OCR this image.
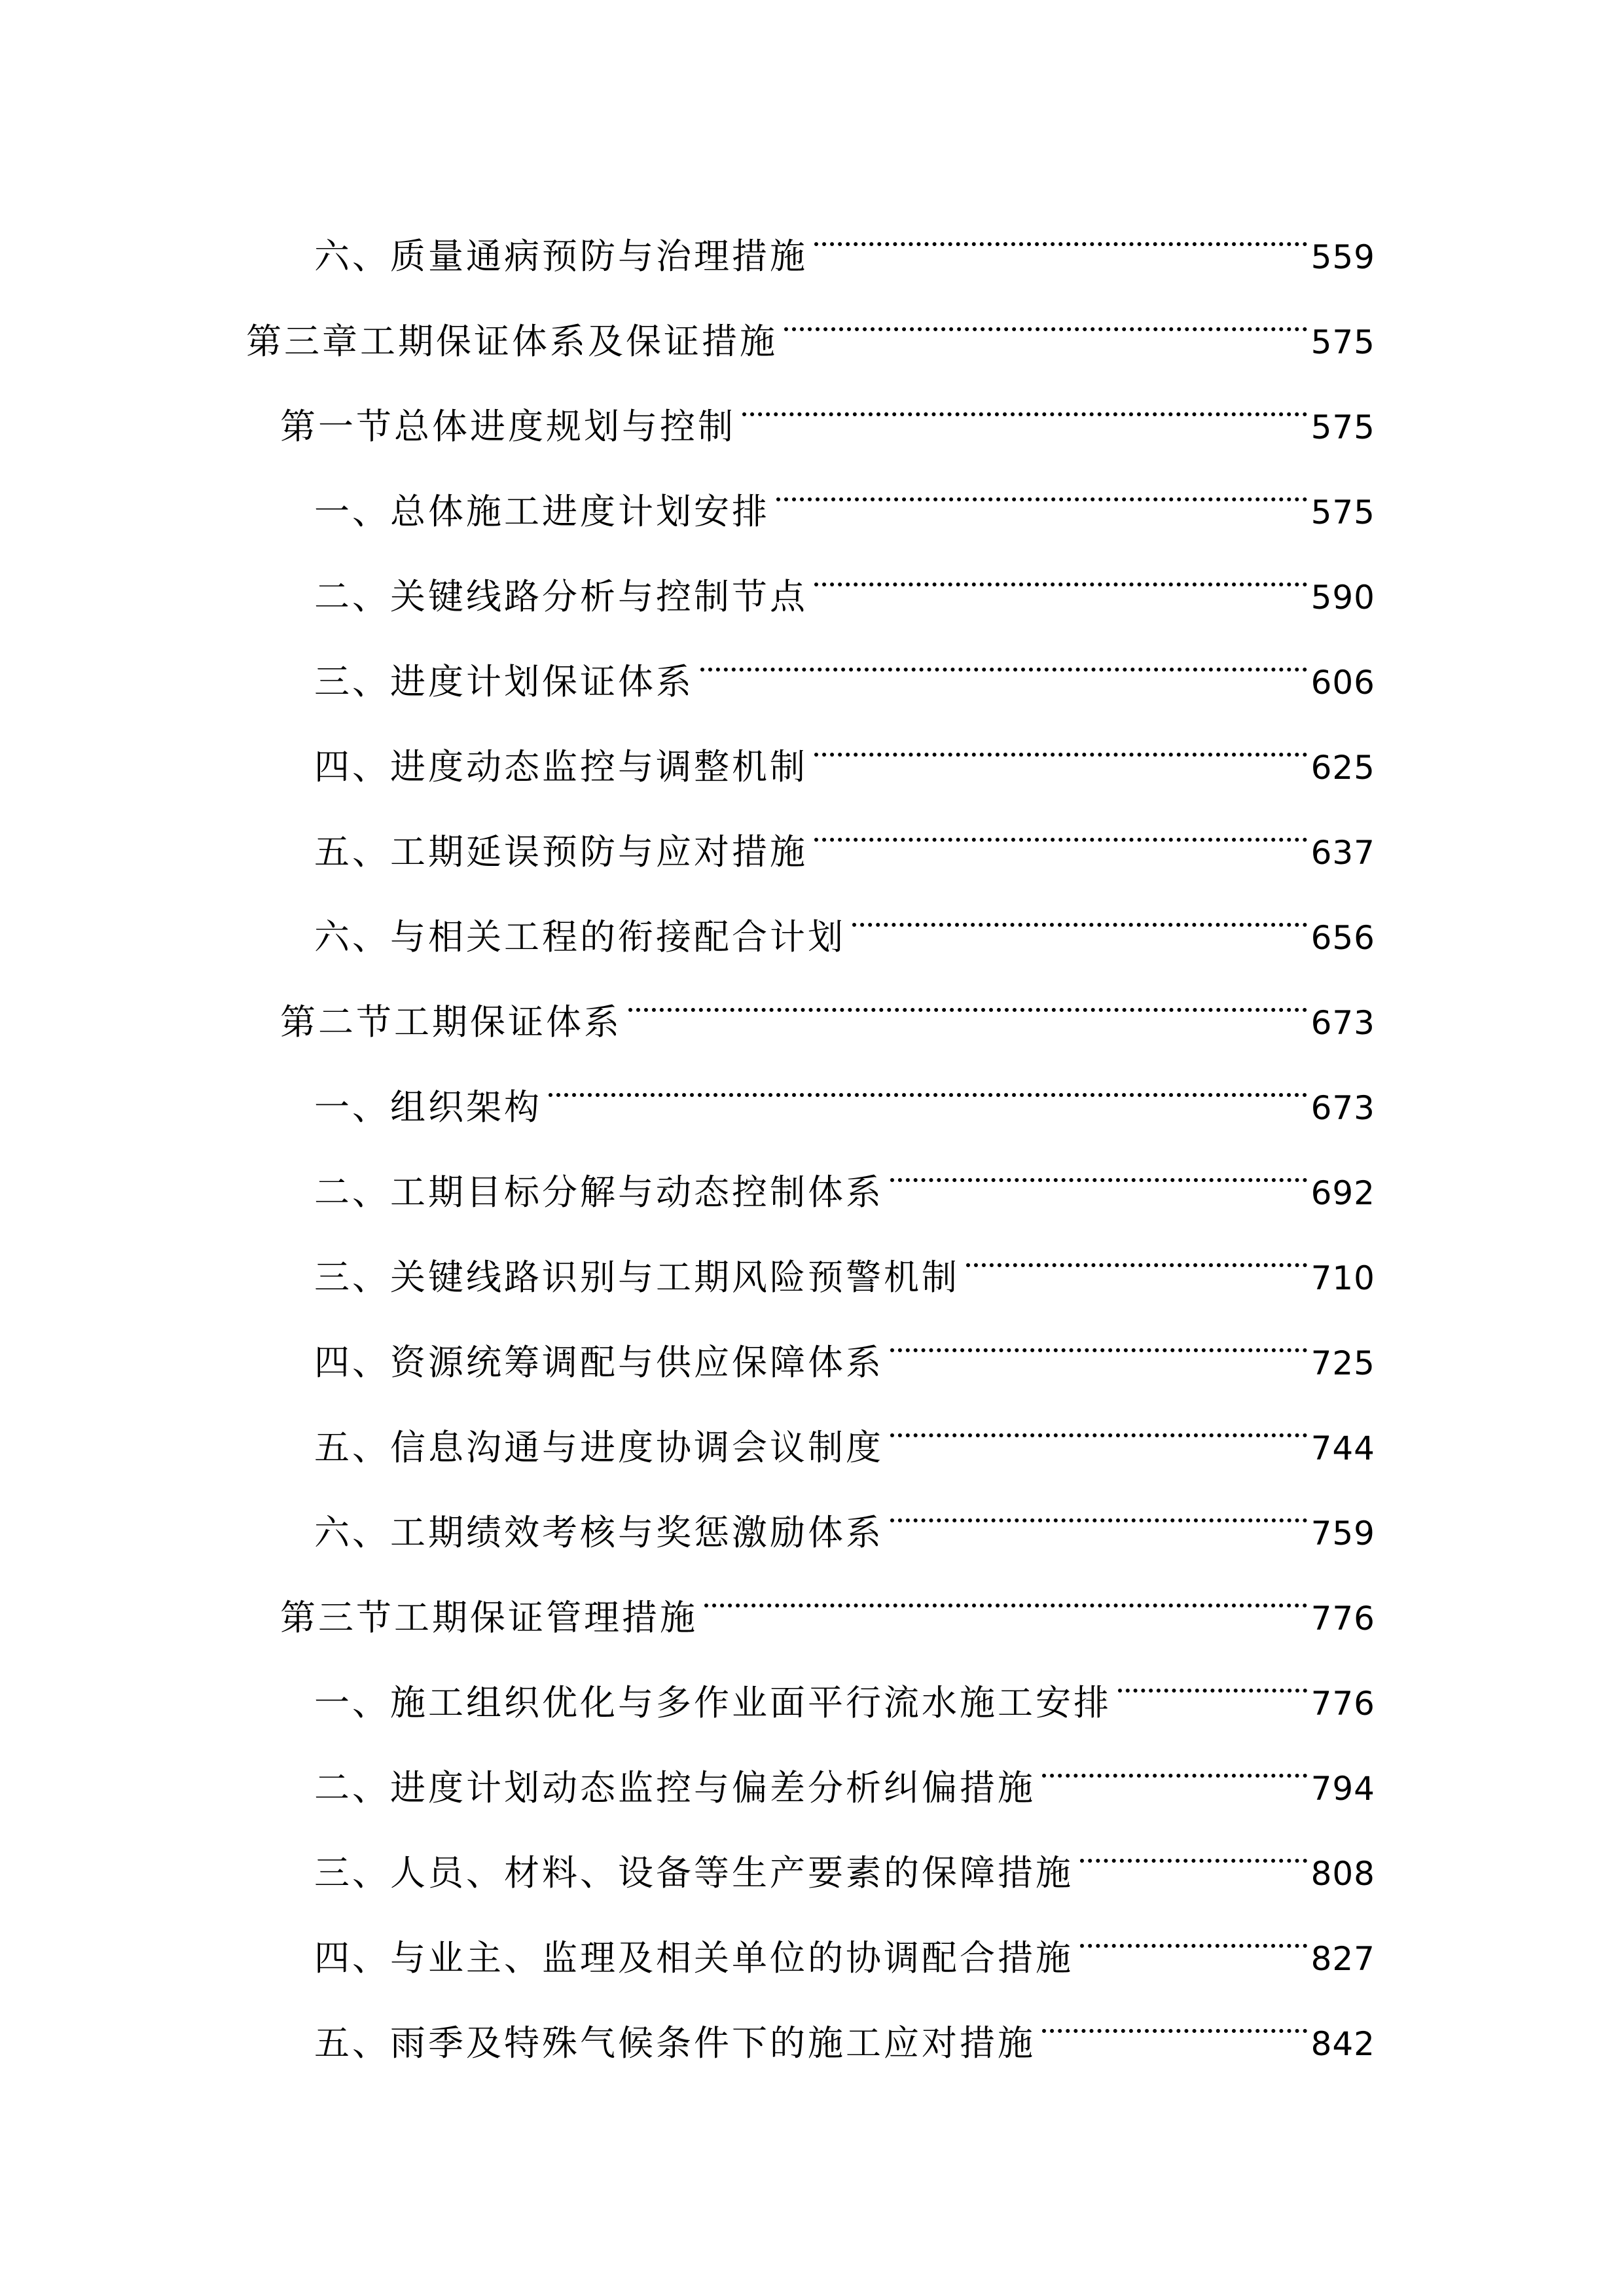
六、质量通病预防与治理措施	559
第三章工期保证体系及保证措施	575
第一节总体进度规划与控制	575
一、总体施工进度计划安排	575
二、关键线路分析与控制节点	590
三、进度计划保证体系	606
四、进度动态监控与调整机制	625
五、工期延误预防与应对措施	637
六、与相关工程的衔接配合计划	656
第二节工期保证体系	673
一、组织架构	673
二、工期目标分解与动态控制体系	692
三、关键线路识别与工期风险预警机制	710
四、资源统筹调配与供应保障体系	725
五、信息沟通与进度协调会议制度	744
六、工期绩效考核与奖惩激励体系	759
第三节工期保证管理措施	776
一、施工组织优化与多作业面平行流水施工安排	776
二、进度计划动态监控与偏差分析纠偏措施	794
三、人员、材料、设备等生产要素的保障措施	808
四、与业主、监理及相关单位的协调配合措施	827
五、雨季及特殊气候条件下的施工应对措施	842
